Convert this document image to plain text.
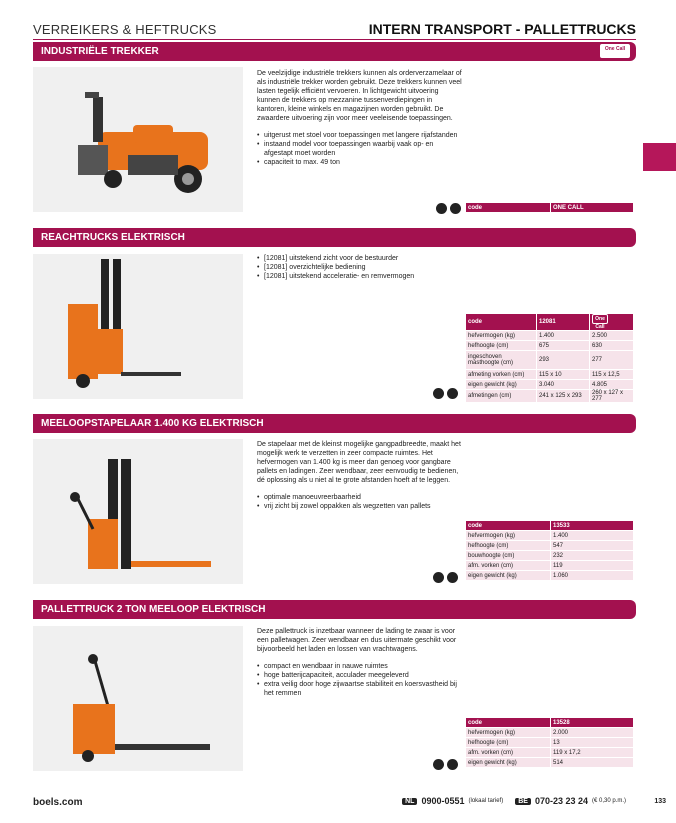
VERREIKERS & HEFTRUCKS	INTERN TRANSPORT - PALLETTRUCKS
INDUSTRIËLE TREKKER	One Call

De veelzijdige industriële trekkers kunnen als orderverzamelaar of als industriële trekker worden gebruikt. Deze trekkers kunnen veel lasten tegelijk efficiënt vervoeren. In lichtgewicht uitvoering kunnen de trekkers op mezzanine tussenverdiepingen in kantoren, kleine winkels en magazijnen worden gebruikt. De zwaardere uitvoering zijn voor meer veeleisende toepassingen.

• uitgerust met stoel voor toepassingen met langere rijafstanden
• instaand model voor toepassingen waarbij vaak op- en afgestapt moet worden
• capaciteit to max. 49 ton
code	ONE CALL
REACHTRUCKS ELEKTRISCH
• [12081] uitstekend zicht voor de bestuurder
• [12081] overzichtelijke bediening
• [12081] uitstekend acceleratie- en remvermogen
code	12081	One Call
hefvermogen (kg)	1.400	2.500
hefhoogte (cm)	675	630
ingeschoven masthoogte (cm)	293	277
afmeting vorken (cm)	115 x 10	115 x 12,5
eigen gewicht (kg)	3.040	4.805
afmetingen (cm)	241 x 125 x 293	260 x 127 x 277
MEELOOPSTAPELAAR 1.400 KG ELEKTRISCH

De stapelaar met de kleinst mogelijke gangpadbreedte, maakt het mogelijk werk te verzetten in zeer compacte ruimtes. Het hefvermogen van 1.400 kg is meer dan genoeg voor gangbare pallets en ladingen. Zeer wendbaar, zeer eenvoudig te bedienen, dé oplossing als u niet al te grote afstanden hoeft af te leggen.

• optimale manoeuvreerbaarheid
• vrij zicht bij zowel oppakken als wegzetten van pallets
code	13533
hefvermogen (kg)	1.400
hefhoogte (cm)	547
bouwhoogte (cm)	232
afm. vorken (cm)	119
eigen gewicht (kg)	1.060
PALLETTRUCK 2 TON MEELOOP ELEKTRISCH

Deze pallettruck is inzetbaar wanneer de lading te zwaar is voor een palletwagen. Zeer wendbaar en dus uitermate geschikt voor bijvoorbeeld het laden en lossen van vrachtwagens.

• compact en wendbaar in nauwe ruimtes
• hoge batterijcapaciteit, acculader meegeleverd
• extra veilig door hoge zijwaartse stabiliteit en koersvastheid bij het remmen
code	13528
hefvermogen (kg)	2.000
hefhoogte (cm)	13
afm. vorken (cm)	119 x 17,2
eigen gewicht (kg)	514
boels.com	NL 0900-0551 (lokaal tarief)	BE 070-23 23 24 (€ 0,30 p.m.)	133
